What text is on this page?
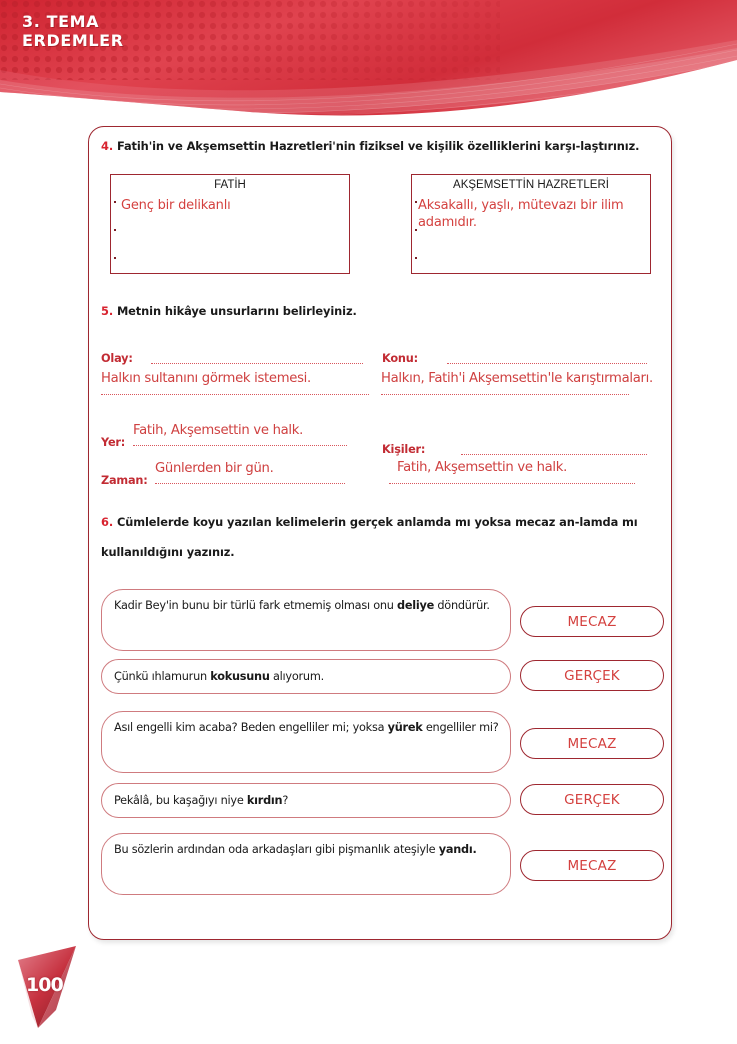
3. TEMA
ERDEMLER
4. Fatih'in ve Akşemsettin Hazretleri'nin fiziksel ve kişilik özelliklerini karşı-laştırınız.
FATİH
Genç bir delikanlı
AKŞEMSETTİN HAZRETLERİ
Aksakallı, yaşlı, mütevazı bir ilim adamıdır.
5. Metnin hikâye unsurlarını belirleyiniz.
Olay:
Halkın sultanını görmek istemesi.
Konu:
Halkın, Fatih'i Akşemsettin'le karıştırmaları.
Yer:
Fatih, Akşemsettin ve halk.
Kişiler:
Fatih, Akşemsettin ve halk.
Zaman:
Günlerden bir gün.
6. Cümlelerde koyu yazılan kelimelerin gerçek anlamda mı yoksa mecaz an-lamda mı kullanıldığını yazınız.
Kadir Bey'in bunu bir türlü fark etmemiş olması onu deliye döndürür.
MECAZ
Çünkü ıhlamurun kokusunu alıyorum.	GERÇEK
Asıl engelli kim acaba? Beden engelliler mi; yoksa yürek engelliler mi?
MECAZ
Pekâlâ, bu kaşağıyı niye kırdın?	GERÇEK
Bu sözlerin ardından oda arkadaşları gibi pişmanlık ateşiyle yandı.
MECAZ
100
